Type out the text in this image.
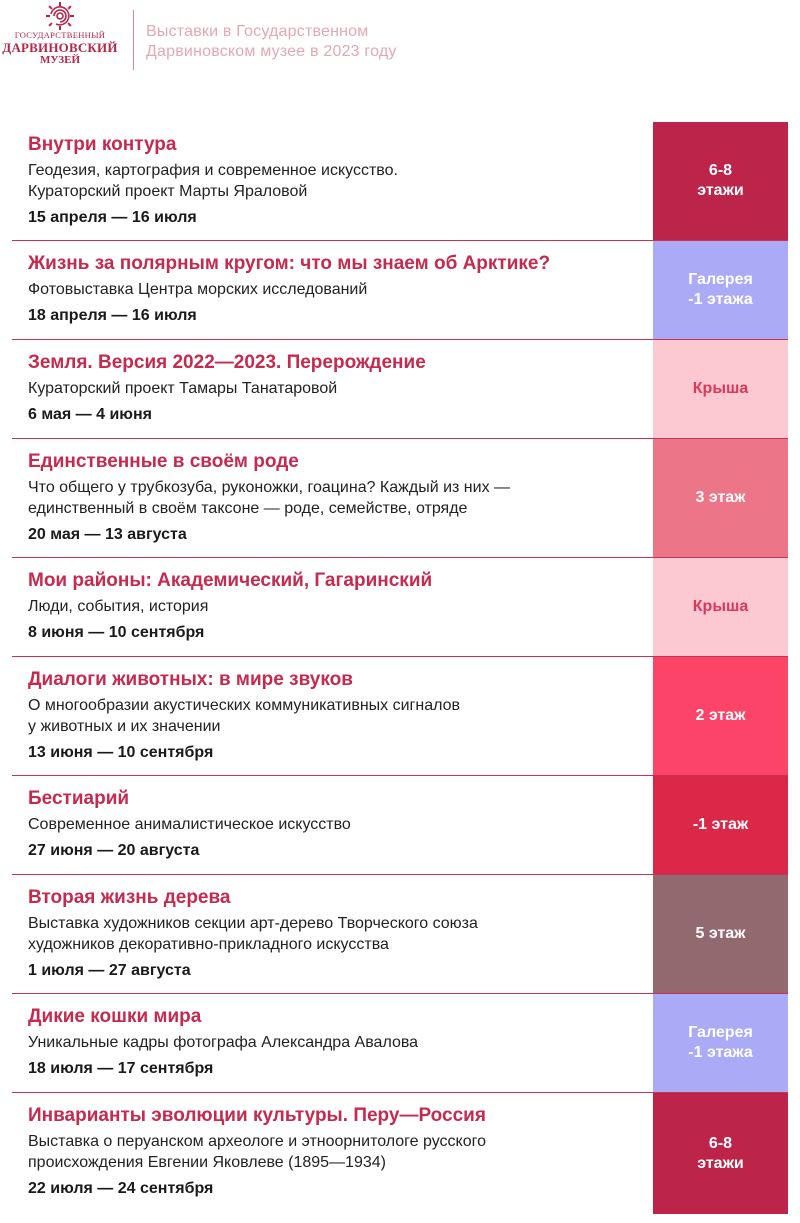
ГОСУДАРСТВЕННЫЙ
ДАРВИНОВСКИЙ
МУЗЕЙ
Выставки в Государственном
Дарвиновском музее в 2023 году
Внутри контура
Геодезия, картография и современное искусство.
Кураторский проект Марты Яраловой
15 апреля — 16 июля
6-8
этажи
Жизнь за полярным кругом: что мы знаем об Арктике?
Фотовыставка Центра морских исследований
18 апреля — 16 июля
Галерея
-1 этажа
Земля. Версия 2022—2023. Перерождение
Кураторский проект Тамары Танатаровой
6 мая — 4 июня
Крыша
Единственные в своём роде
Что общего у трубкозуба, руконожки, гоацина? Каждый из них —
единственный в своём таксоне — роде, семействе, отряде
20 мая — 13 августа
3 этаж
Мои районы: Академический, Гагаринский
Люди, события, история
8 июня — 10 сентября
Крыша
Диалоги животных: в мире звуков
О многообразии акустических коммуникативных сигналов
у животных и их значении
13 июня — 10 сентября
2 этаж
Бестиарий
Современное анималистическое искусство
27 июня — 20 августа
-1 этаж
Вторая жизнь дерева
Выставка художников секции арт-дерево Творческого союза
художников декоративно-прикладного искусства
1 июля — 27 августа
5 этаж
Дикие кошки мира
Уникальные кадры фотографа Александра Авалова
18 июля — 17 сентября
Галерея
-1 этажа
Инварианты эволюции культуры. Перу—Россия
Выставка о перуанском археологе и этноорнитологе русского
происхождения Евгении Яковлеве (1895—1934)
22 июля — 24 сентября
6-8
этажи
